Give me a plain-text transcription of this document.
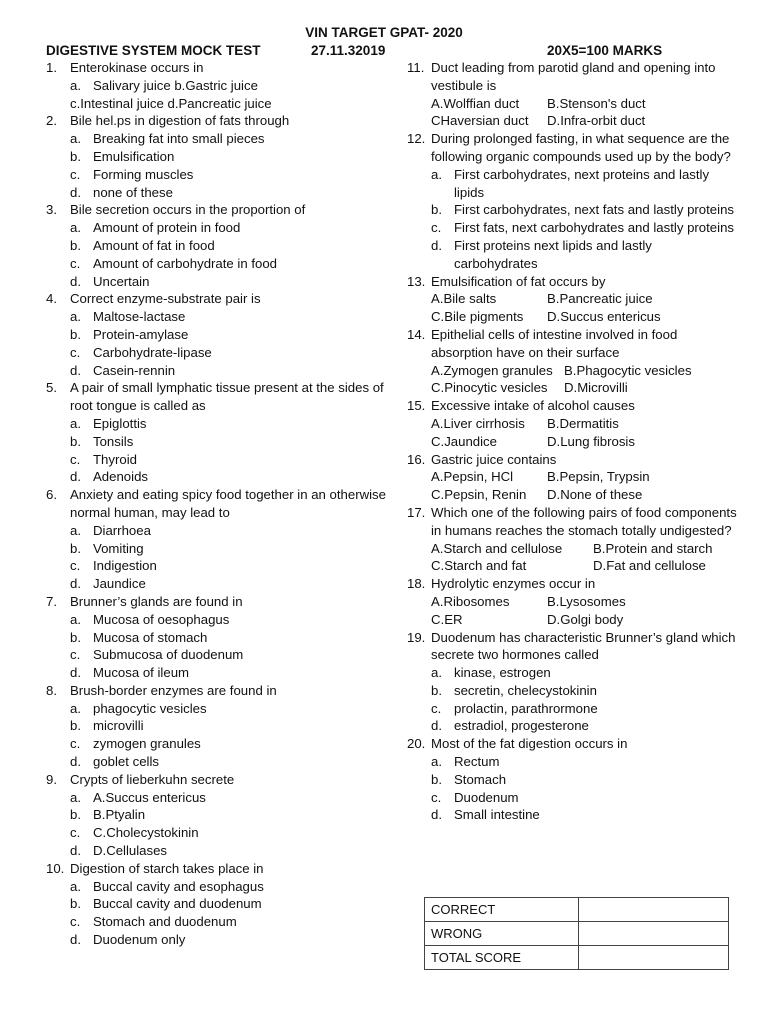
VIN TARGET GPAT- 2020
DIGESTIVE SYSTEM MOCK TEST	27.11.32019	20X5=100 MARKS
1. Enterokinase occurs in
a. Salivary juice b.Gastric juice
c.Intestinal juice d.Pancreatic juice
2. Bile hel.ps in digestion of fats through
a. Breaking fat into small pieces
b. Emulsification
c. Forming muscles
d. none of these
3. Bile secretion occurs in the proportion of
a. Amount of protein in food
b. Amount of fat in food
c. Amount of carbohydrate in food
d. Uncertain
4. Correct enzyme-substrate pair is
a. Maltose-lactase
b. Protein-amylase
c. Carbohydrate-lipase
d. Casein-rennin
5. A pair of small lymphatic tissue present at the sides of root tongue is called as
a. Epiglottis
b. Tonsils
c. Thyroid
d. Adenoids
6. Anxiety and eating spicy food together in an otherwise normal human, may lead to
a. Diarrhoea
b. Vomiting
c. Indigestion
d. Jaundice
7. Brunner’s glands are found in
a. Mucosa of oesophagus
b. Mucosa of stomach
c. Submucosa of duodenum
d. Mucosa of ileum
8. Brush-border enzymes are found in
a. phagocytic vesicles
b. microvilli
c. zymogen granules
d. goblet cells
9. Crypts of lieberkuhn secrete
a. A.Succus entericus
b. B.Ptyalin
c. C.Cholecystokinin
d. D.Cellulases
10. Digestion of starch takes place in
a. Buccal cavity and esophagus
b. Buccal cavity and duodenum
c. Stomach and duodenum
d. Duodenum only
11. Duct leading from parotid gland and opening into vestibule is
A.Wolffian duct B.Stenson's duct
CHaversian duct D.Infra-orbit duct
12. During prolonged fasting, in what sequence are the following organic compounds used up by the body?
a. First carbohydrates, next proteins and lastly lipids
b. First carbohydrates, next fats and lastly proteins
c. First fats, next carbohydrates and lastly proteins
d. First proteins next lipids and lastly carbohydrates
13. Emulsification of fat occurs by
A.Bile salts	B.Pancreatic juice
C.Bile pigments D.Succus entericus
14. Epithelial cells of intestine involved in food absorption have on their surface
A.Zymogen granules B.Phagocytic vesicles
C.Pinocytic vesicles D.Microvilli
15. Excessive intake of alcohol causes
A.Liver cirrhosis B.Dermatitis
C.Jaundice	D.Lung fibrosis
16. Gastric juice contains
A.Pepsin, HCl	B.Pepsin, Trypsin
C.Pepsin, Renin D.None of these
17. Which one of the following pairs of food components in humans reaches the stomach totally undigested?
A.Starch and cellulose B.Protein and starch
C.Starch and fat	D.Fat and cellulose
18. Hydrolytic enzymes occur in
A.Ribosomes	B.Lysosomes
C.ER	D.Golgi body
19. Duodenum has characteristic Brunner’s gland which secrete two hormones called
a. kinase, estrogen
b. secretin, chelecystokinin
c. prolactin, parathrormone
d. estradiol, progesterone
20. Most of the fat digestion occurs in
a. Rectum
b. Stomach
c. Duodenum
d. Small intestine
CORRECT	
WRONG	
TOTAL SCORE	
